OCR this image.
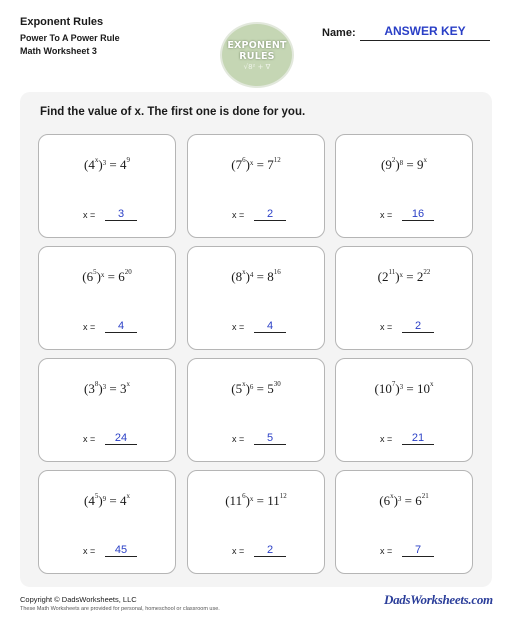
Exponent Rules

Power To A Power Rule

Math Worksheet 3

EXPONENT
RULES
√8² + ∇
Name:	ANSWER KEY
Find the value of x. The first one is done for you.
$(4^x)^3 = 4^9$
x = 3
$(7^6)^x = 7^{12}$
x = 2
$(9^2)^8 = 9^x$
x = 16
$(6^5)^x = 6^{20}$
x = 4
$(8^x)^4 = 8^{16}$
x = 4
$(2^{11})^x = 2^{22}$
x = 2
$(3^8)^3 = 3^x$
x = 24
$(5^x)^6 = 5^{30}$
x = 5
$(10^7)^3 = 10^x$
x = 21
$(4^5)^9 = 4^x$
x = 45
$(11^6)^x = 11^{12}$
x = 2
$(6^x)^3 = 6^{21}$
x = 7

Copyright © DadsWorksheets, LLC

These Math Worksheets are provided for personal, homeschool or classroom use.

DadsWorksheets.com
